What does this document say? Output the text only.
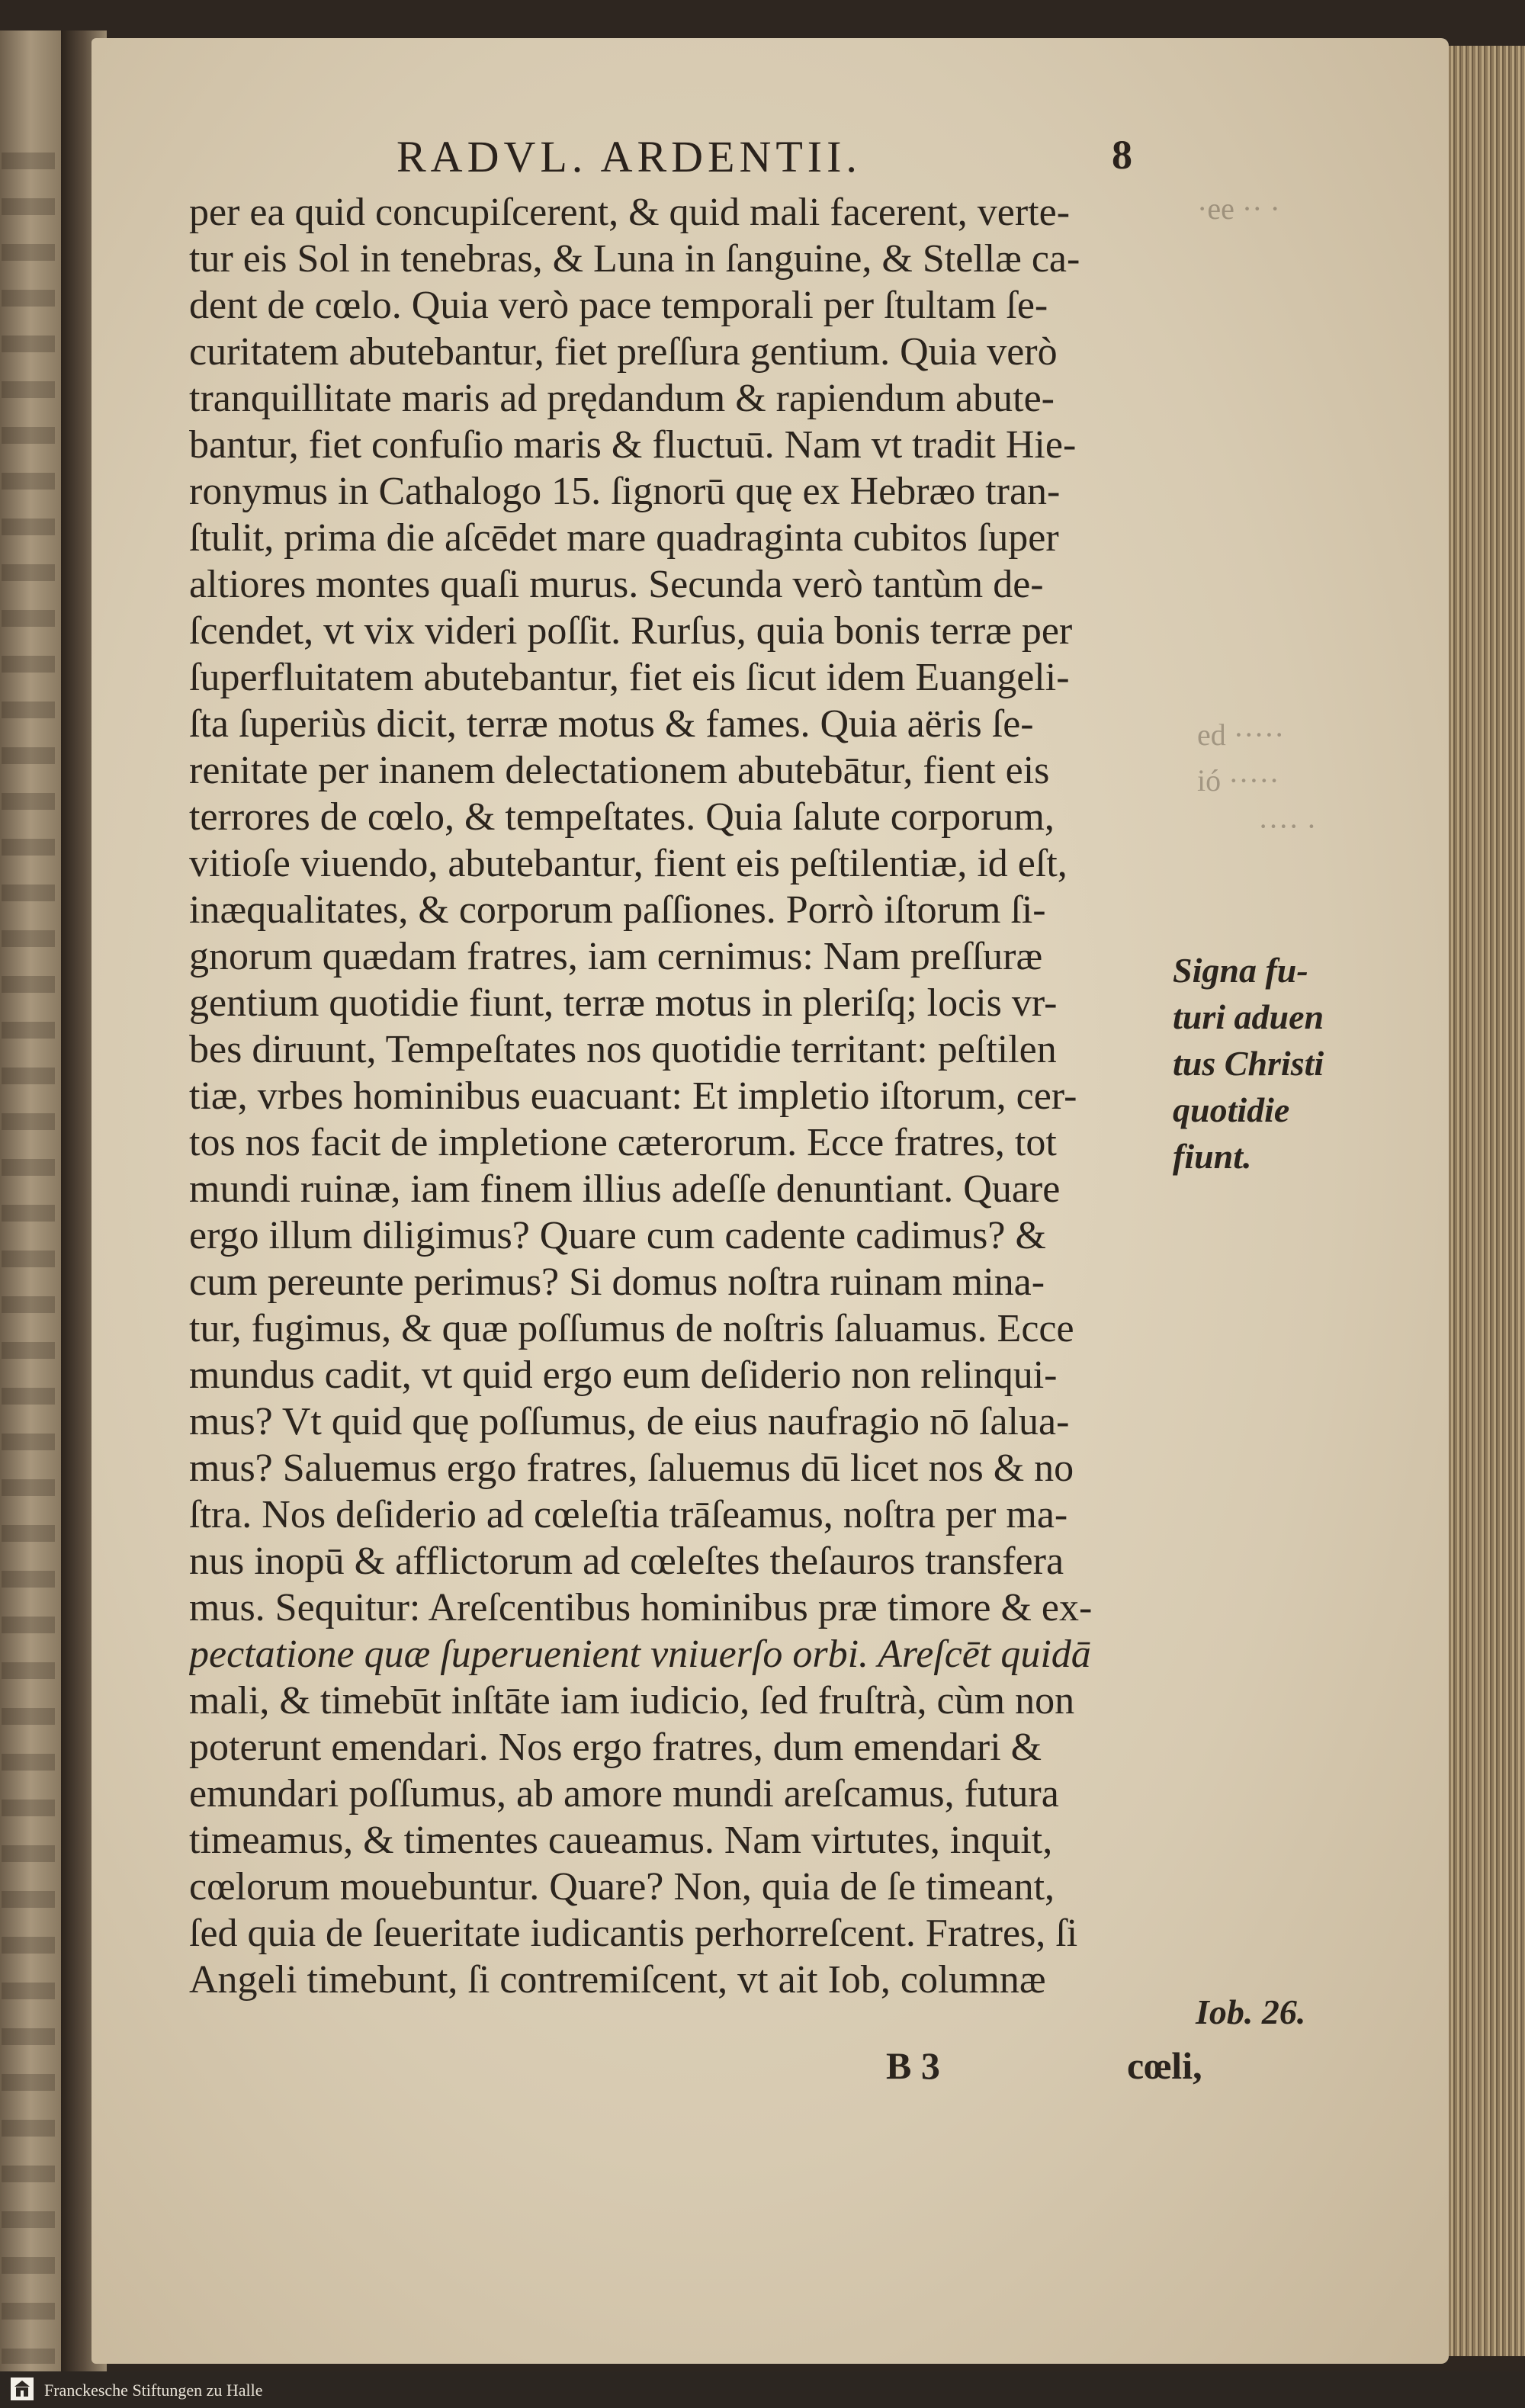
RADVL. ARDENTII.	8
per ea quid concupiſcerent, & quid mali facerent, verte-
tur eis Sol in tenebras, & Luna in ſanguine, & Stellæ ca-
dent de cœlo. Quia verò pace temporali per ſtultam ſe-
curitatem abutebantur, fiet preſſura gentium. Quia verò
tranquillitate maris ad prędandum & rapiendum abute-
bantur, fiet confuſio maris & fluctuū. Nam vt tradit Hie-
ronymus in Cathalogo 15. ſignorū quę ex Hebræo tran-
ſtulit, prima die aſcēdet mare quadraginta cubitos ſuper
altiores montes quaſi murus. Secunda verò tantùm de-
ſcendet, vt vix videri poſſit. Rurſus, quia bonis terræ per
ſuperfluitatem abutebantur, fiet eis ſicut idem Euangeli-
ſta ſuperiùs dicit, terræ motus & fames. Quia aëris ſe-
renitate per inanem delectationem abutebātur, fient eis
terrores de cœlo, & tempeſtates. Quia ſalute corporum,
vitioſe viuendo, abutebantur, fient eis peſtilentiæ, id eſt,
inæqualitates, & corporum paſſiones. Porrò iſtorum ſi-
gnorum quædam fratres, iam cernimus: Nam preſſuræ
gentium quotidie fiunt, terræ motus in pleriſq; locis vr-
bes diruunt, Tempeſtates nos quotidie territant: peſtilen
tiæ, vrbes hominibus euacuant: Et impletio iſtorum, cer-
tos nos facit de impletione cæterorum. Ecce fratres, tot
mundi ruinæ, iam finem illius adeſſe denuntiant. Quare
ergo illum diligimus? Quare cum cadente cadimus? &
cum pereunte perimus? Si domus noſtra ruinam mina-
tur, fugimus, & quæ poſſumus de noſtris ſaluamus. Ecce
mundus cadit, vt quid ergo eum deſiderio non relinqui-
mus? Vt quid quę poſſumus, de eius naufragio nō ſalua-
mus? Saluemus ergo fratres, ſaluemus dū licet nos & no
ſtra. Nos deſiderio ad cœleſtia trāſeamus, noſtra per ma-
nus inopū & afflictorum ad cœleſtes theſauros transfera
mus. Sequitur: Areſcentibus hominibus præ timore & ex-
pectatione quæ ſuperuenient vniuerſo orbi. Areſcēt quidā
mali, & timebūt inſtāte iam iudicio, ſed fruſtrà, cùm non
poterunt emendari. Nos ergo fratres, dum emendari &
emundari poſſumus, ab amore mundi areſcamus, futura
timeamus, & timentes caueamus. Nam virtutes, inquit,
cœlorum mouebuntur. Quare? Non, quia de ſe timeant,
ſed quia de ſeueritate iudicantis perhorreſcent. Fratres, ſi
Angeli timebunt, ſi contremiſcent, vt ait Iob, columnæ
Signa fu-
turi aduen
tus Christi
quotidie
fiunt.
Iob. 26.
·ee ·· ·
ed ·····
ió ·····
···· ·
B 3	cœli,
Franckesche Stiftungen zu Halle
